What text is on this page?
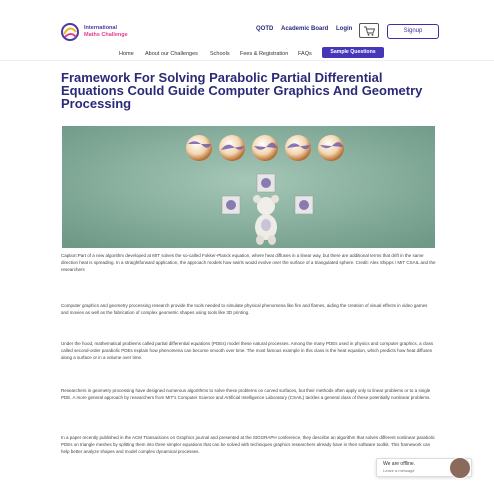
International
Maths Challenge
QOTD Academic Board Login	Signup
Home About our Challenges Schools Fees & Registration FAQs	Sample Questions
Framework For Solving Parabolic Partial Differential Equations Could Guide Computer Graphics And Geometry Processing
Caption:Part of a new algorithm developed at MIT solves the so-called Fokker-Planck equation, where heat diffuses in a linear way, but there are additional terms that drift in the same direction heat is spreading. In a straightforward application, the approach models how swirls would evolve over the surface of a triangulated sphere. Credit: Alex Shipps / MIT CSAIL and the researchers

Computer graphics and geometry processing research provide the tools needed to simulate physical phenomena like fire and flames, aiding the creation of visual effects in video games and movies as well as the fabrication of complex geometric shapes using tools like 3D printing.

Under the hood, mathematical problems called partial differential equations (PDEs) model these natural processes. Among the many PDEs used in physics and computer graphics, a class called second-order parabolic PDEs explain how phenomena can become smooth over time. The most famous example in this class is the heat equation, which predicts how heat diffuses along a surface or in a volume over time.

Researchers in geometry processing have designed numerous algorithms to solve these problems on curved surfaces, but their methods often apply only to linear problems or to a single PDE. A more general approach by researchers from MIT's Computer Science and Artificial Intelligence Laboratory (CSAIL) tackles a general class of these potentially nonlinear problems.

In a paper recently published in the ACM Transactions on Graphics journal and presented at the SIGGRAPH conference, they describe an algorithm that solves different nonlinear parabolic PDEs on triangle meshes by splitting them into three simpler equations that can be solved with techniques graphics researchers already have in their software toolkit. This framework can help better analyze shapes and model complex dynamical processes.

We are offline.
Leave a message
